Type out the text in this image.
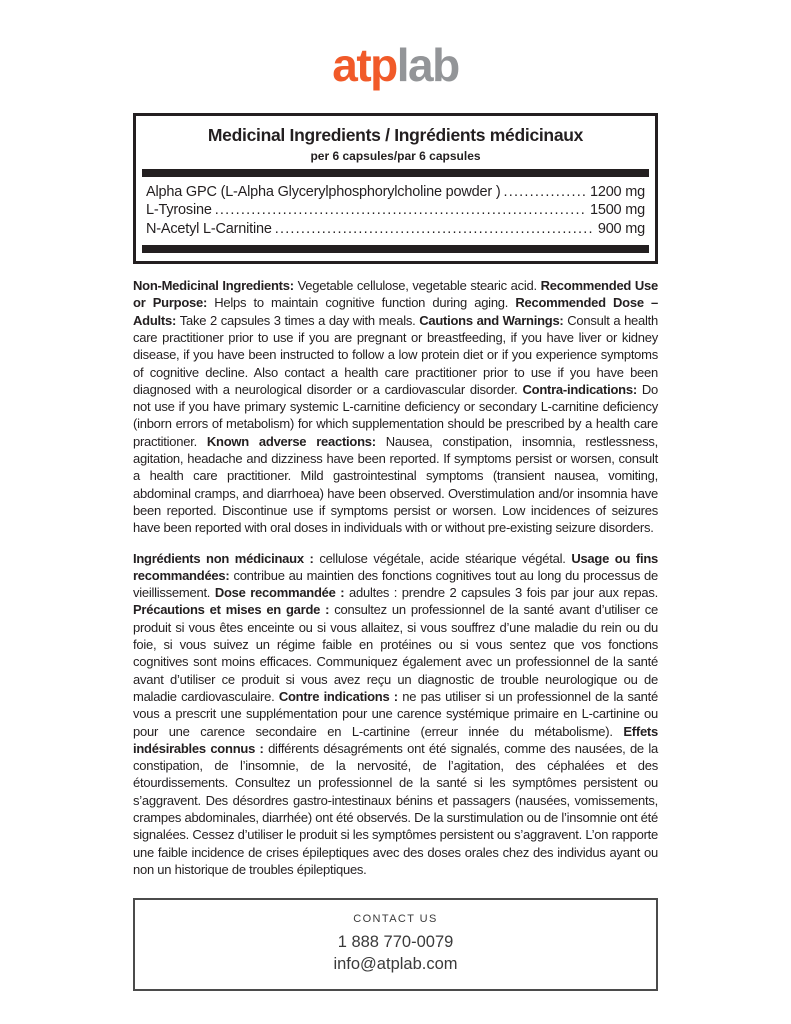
atplab
Medicinal Ingredients / Ingrédients médicinaux
per 6 capsules/par 6 capsules
Alpha GPC (L-Alpha Glycerylphosphorylcholine powder ) .....	1200 mg
L-Tyrosine .....	1500 mg
N-Acetyl L-Carnitine .....	900 mg

Non-Medicinal Ingredients: Vegetable cellulose, vegetable stearic acid. Recommended Use or Purpose: Helps to maintain cognitive function during aging. Recommended Dose – Adults: Take 2 capsules 3 times a day with meals. Cautions and Warnings: Consult a health care practitioner prior to use if you are pregnant or breastfeeding, if you have liver or kidney disease, if you have been instructed to follow a low protein diet or if you experience symptoms of cognitive decline. Also contact a health care practitioner prior to use if you have been diagnosed with a neurological disorder or a cardiovascular disorder. Contra-indications: Do not use if you have primary systemic L-carnitine deficiency or secondary L-carnitine deficiency (inborn errors of metabolism) for which supplementation should be prescribed by a health care practitioner. Known adverse reactions: Nausea, constipation, insomnia, restlessness, agitation, headache and dizziness have been reported. If symptoms persist or worsen, consult a health care practitioner. Mild gastrointestinal symptoms (transient nausea, vomiting, abdominal cramps, and diarrhoea) have been observed. Overstimulation and/or insomnia have been reported. Discontinue use if symptoms persist or worsen. Low incidences of seizures have been reported with oral doses in individuals with or without pre-existing seizure disorders.

Ingrédients non médicinaux : cellulose végétale, acide stéarique végétal. Usage ou fins recommandées: contribue au maintien des fonctions cognitives tout au long du processus de vieillissement. Dose recommandée : adultes : prendre 2 capsules 3 fois par jour aux repas. Précautions et mises en garde : consultez un professionnel de la santé avant d’utiliser ce produit si vous êtes enceinte ou si vous allaitez, si vous souffrez d’une maladie du rein ou du foie, si vous suivez un régime faible en protéines ou si vous sentez que vos fonctions cognitives sont moins efficaces. Communiquez également avec un professionnel de la santé avant d’utiliser ce produit si vous avez reçu un diagnostic de trouble neurologique ou de maladie cardiovasculaire. Contre indications : ne pas utiliser si un professionnel de la santé vous a prescrit une supplémentation pour une carence systémique primaire en L-cartinine ou pour une carence secondaire en L-cartinine (erreur innée du métabolisme). Effets indésirables connus : différents désagréments ont été signalés, comme des nausées, de la constipation, de l’insomnie, de la nervosité, de l’agitation, des céphalées et des étourdissements. Consultez un professionnel de la santé si les symptômes persistent ou s’aggravent. Des désordres gastro-intestinaux bénins et passagers (nausées, vomissements, crampes abdominales, diarrhée) ont été observés. De la surstimulation ou de l’insomnie ont été signalées. Cessez d’utiliser le produit si les symptômes persistent ou s’aggravent. L’on rapporte une faible incidence de crises épileptiques avec des doses orales chez des individus ayant ou non un historique de troubles épileptiques.

CONTACT US
1 888 770-0079
info@atplab.com
